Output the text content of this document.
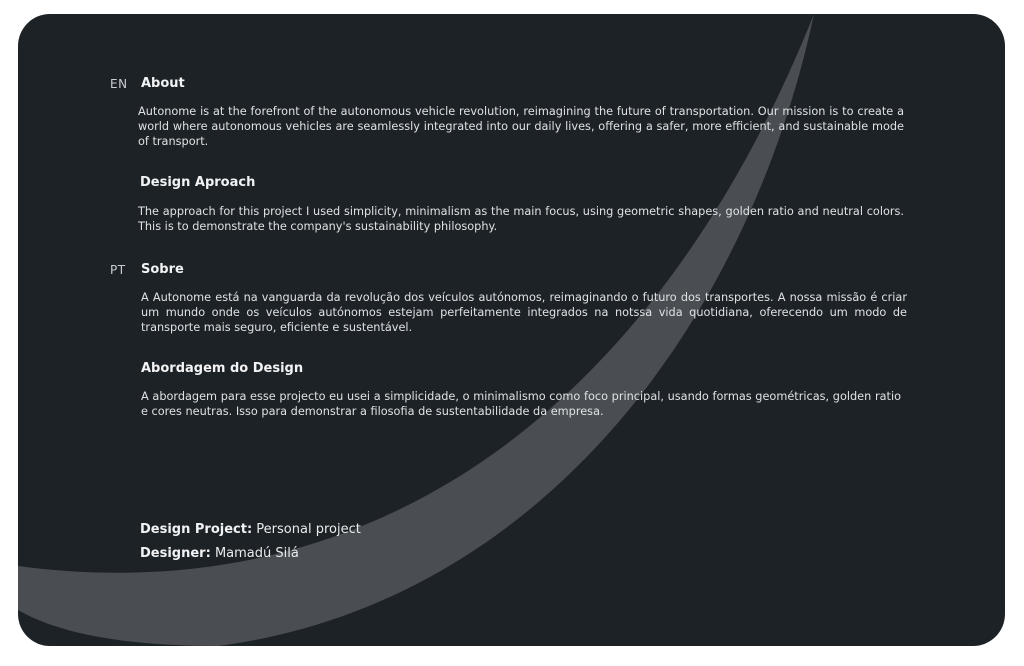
EN About
Autonome is at the forefront of the autonomous vehicle revolution, reimagining the future of transportation. Our mission is to create a world where autonomous vehicles are seamlessly integrated into our daily lives, offering a safer, more efficient, and sustainable mode of transport.
Design Aproach
The approach for this project I used simplicity, minimalism as the main focus, using geometric shapes, golden ratio and neutral colors. This is to demonstrate the company's sustainability philosophy.
PT Sobre
A Autonome está na vanguarda da revolução dos veículos autónomos, reimaginando o futuro dos transportes. A nossa missão é criar um mundo onde os veículos autónomos estejam perfeitamente integrados na notssa vida quotidiana, oferecendo um modo de transporte mais seguro, eficiente e sustentável.
Abordagem do Design
A abordagem para esse projecto eu usei a simplicidade, o minimalismo como foco principal, usando formas geométricas, golden ratio e cores neutras. Isso para demonstrar a filosofia de sustentabilidade da empresa.
Design Project: Personal project
Designer: Mamadú Silá
